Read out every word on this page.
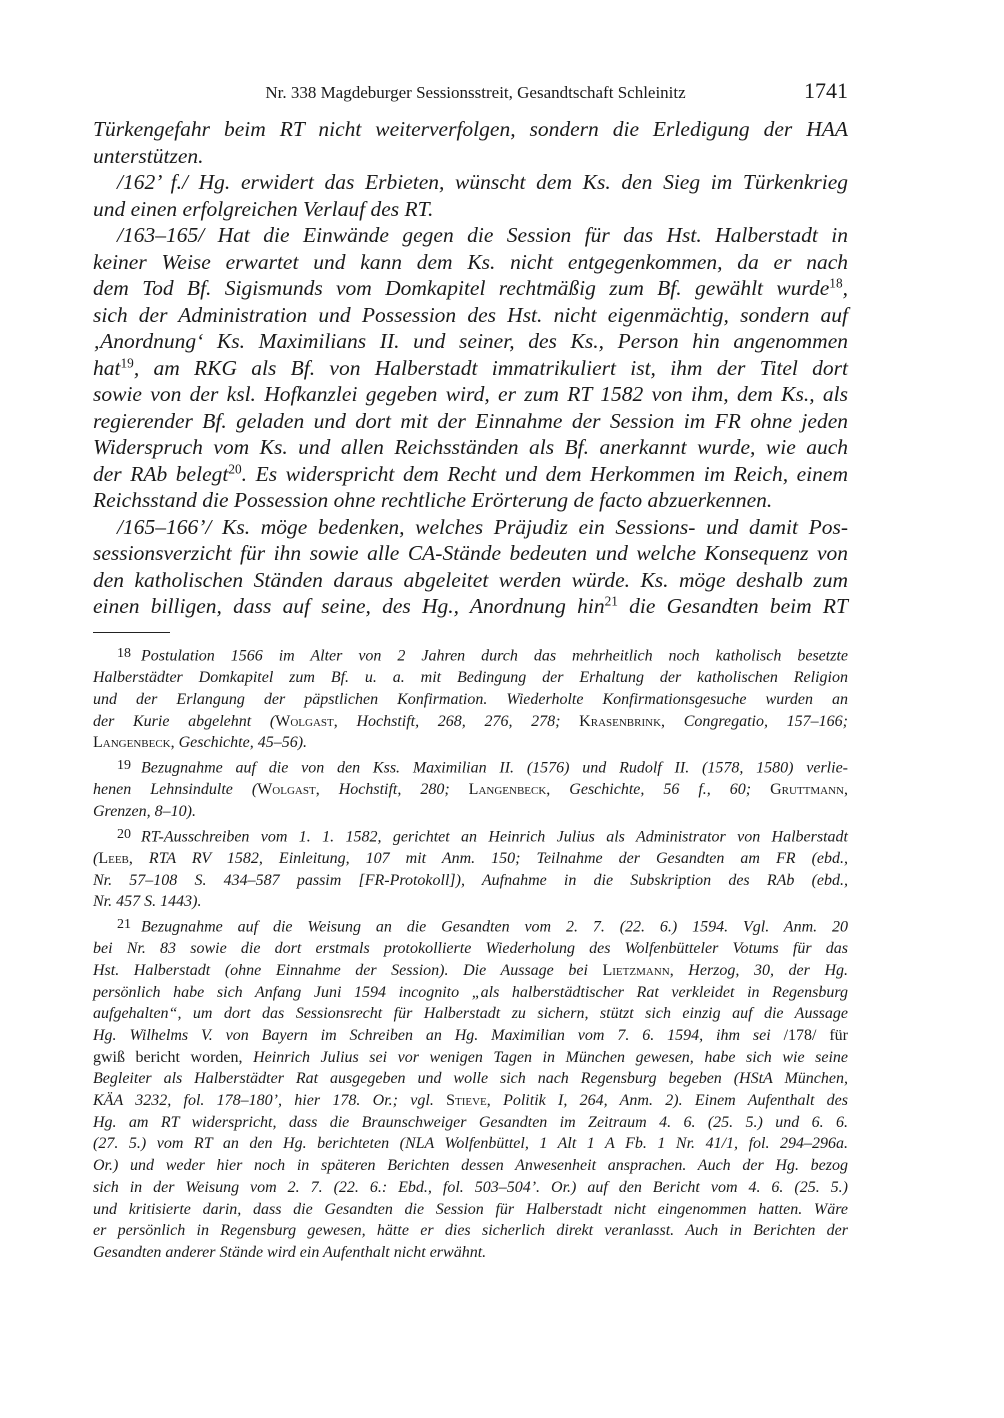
Nr. 338 Magdeburger Sessionsstreit, Gesandtschaft Schleinitz	1741
Türkengefahr beim RT nicht weiterverfolgen, sondern die Erledigung der HAA
unterstützen.
/162’ f./ Hg. erwidert das Erbieten, wünscht dem Ks. den Sieg im Türkenkrieg
und einen erfolgreichen Verlauf des RT.
/163–165/ Hat die Einwände gegen die Session für das Hst. Halberstadt in
keiner Weise erwartet und kann dem Ks. nicht entgegenkommen, da er nach
dem Tod Bf. Sigismunds vom Domkapitel rechtmäßig zum Bf. gewählt wurde$^{18}$,
sich der Administration und Possession des Hst. nicht eigenmächtig, sondern auf
‚Anordnung‘ Ks. Maximilians II. und seiner, des Ks., Person hin angenommen
hat$^{19}$, am RKG als Bf. von Halberstadt immatrikuliert ist, ihm der Titel dort
sowie von der ksl. Hofkanzlei gegeben wird, er zum RT 1582 von ihm, dem Ks., als
regierender Bf. geladen und dort mit der Einnahme der Session im FR ohne jeden
Widerspruch vom Ks. und allen Reichsständen als Bf. anerkannt wurde, wie auch
der RAb belegt$^{20}$. Es widerspricht dem Recht und dem Herkommen im Reich, einem
Reichsstand die Possession ohne rechtliche Erörterung de facto abzuerkennen.
/165–166’/ Ks. möge bedenken, welches Präjudiz ein Sessions- und damit Pos-
sessionsverzicht für ihn sowie alle CA-Stände bedeuten und welche Konsequenz von
den katholischen Ständen daraus abgeleitet werden würde. Ks. möge deshalb zum
einen billigen, dass auf seine, des Hg., Anordnung hin$^{21}$ die Gesandten beim RT
18 Postulation 1566 im Alter von 2 Jahren durch das mehrheitlich noch katholisch besetzte
Halberstädter Domkapitel zum Bf. u. a. mit Bedingung der Erhaltung der katholischen Religion
und der Erlangung der päpstlichen Konfirmation. Wiederholte Konfirmationsgesuche wurden an
der Kurie abgelehnt (Wolgast, Hochstift, 268, 276, 278; Krasenbrink, Congregatio, 157–166;
Langenbeck, Geschichte, 45–56).
19 Bezugnahme auf die von den Kss. Maximilian II. (1576) und Rudolf II. (1578, 1580) verlie-
henen Lehnsindulte (Wolgast, Hochstift, 280; Langenbeck, Geschichte, 56 f., 60; Gruttmann,
Grenzen, 8–10).
20 RT-Ausschreiben vom 1. 1. 1582, gerichtet an Heinrich Julius als Administrator von Halberstadt
(Leeb, RTA RV 1582, Einleitung, 107 mit Anm. 150; Teilnahme der Gesandten am FR (ebd.,
Nr. 57–108 S. 434–587 passim [FR-Protokoll]), Aufnahme in die Subskription des RAb (ebd.,
Nr. 457 S. 1443).
21 Bezugnahme auf die Weisung an die Gesandten vom 2. 7. (22. 6.) 1594. Vgl. Anm. 20
bei Nr. 83 sowie die dort erstmals protokollierte Wiederholung des Wolfenbütteler Votums für das
Hst. Halberstadt (ohne Einnahme der Session). Die Aussage bei Lietzmann, Herzog, 30, der Hg.
persönlich habe sich Anfang Juni 1594 incognito „als halberstädtischer Rat verkleidet in Regensburg
aufgehalten“, um dort das Sessionsrecht für Halberstadt zu sichern, stützt sich einzig auf die Aussage
Hg. Wilhelms V. von Bayern im Schreiben an Hg. Maximilian vom 7. 6. 1594, ihm sei /178/ für
gwiß bericht worden, Heinrich Julius sei vor wenigen Tagen in München gewesen, habe sich wie seine
Begleiter als Halberstädter Rat ausgegeben und wolle sich nach Regensburg begeben (HStA München,
KÄA 3232, fol. 178–180’, hier 178. Or.; vgl. Stieve, Politik I, 264, Anm. 2). Einem Aufenthalt des
Hg. am RT widerspricht, dass die Braunschweiger Gesandten im Zeitraum 4. 6. (25. 5.) und 6. 6.
(27. 5.) vom RT an den Hg. berichteten (NLA Wolfenbüttel, 1 Alt 1 A Fb. 1 Nr. 41/1, fol. 294–296a.
Or.) und weder hier noch in späteren Berichten dessen Anwesenheit ansprachen. Auch der Hg. bezog
sich in der Weisung vom 2. 7. (22. 6.: Ebd., fol. 503–504’. Or.) auf den Bericht vom 4. 6. (25. 5.)
und kritisierte darin, dass die Gesandten die Session für Halberstadt nicht eingenommen hatten. Wäre
er persönlich in Regensburg gewesen, hätte er dies sicherlich direkt veranlasst. Auch in Berichten der
Gesandten anderer Stände wird ein Aufenthalt nicht erwähnt.
